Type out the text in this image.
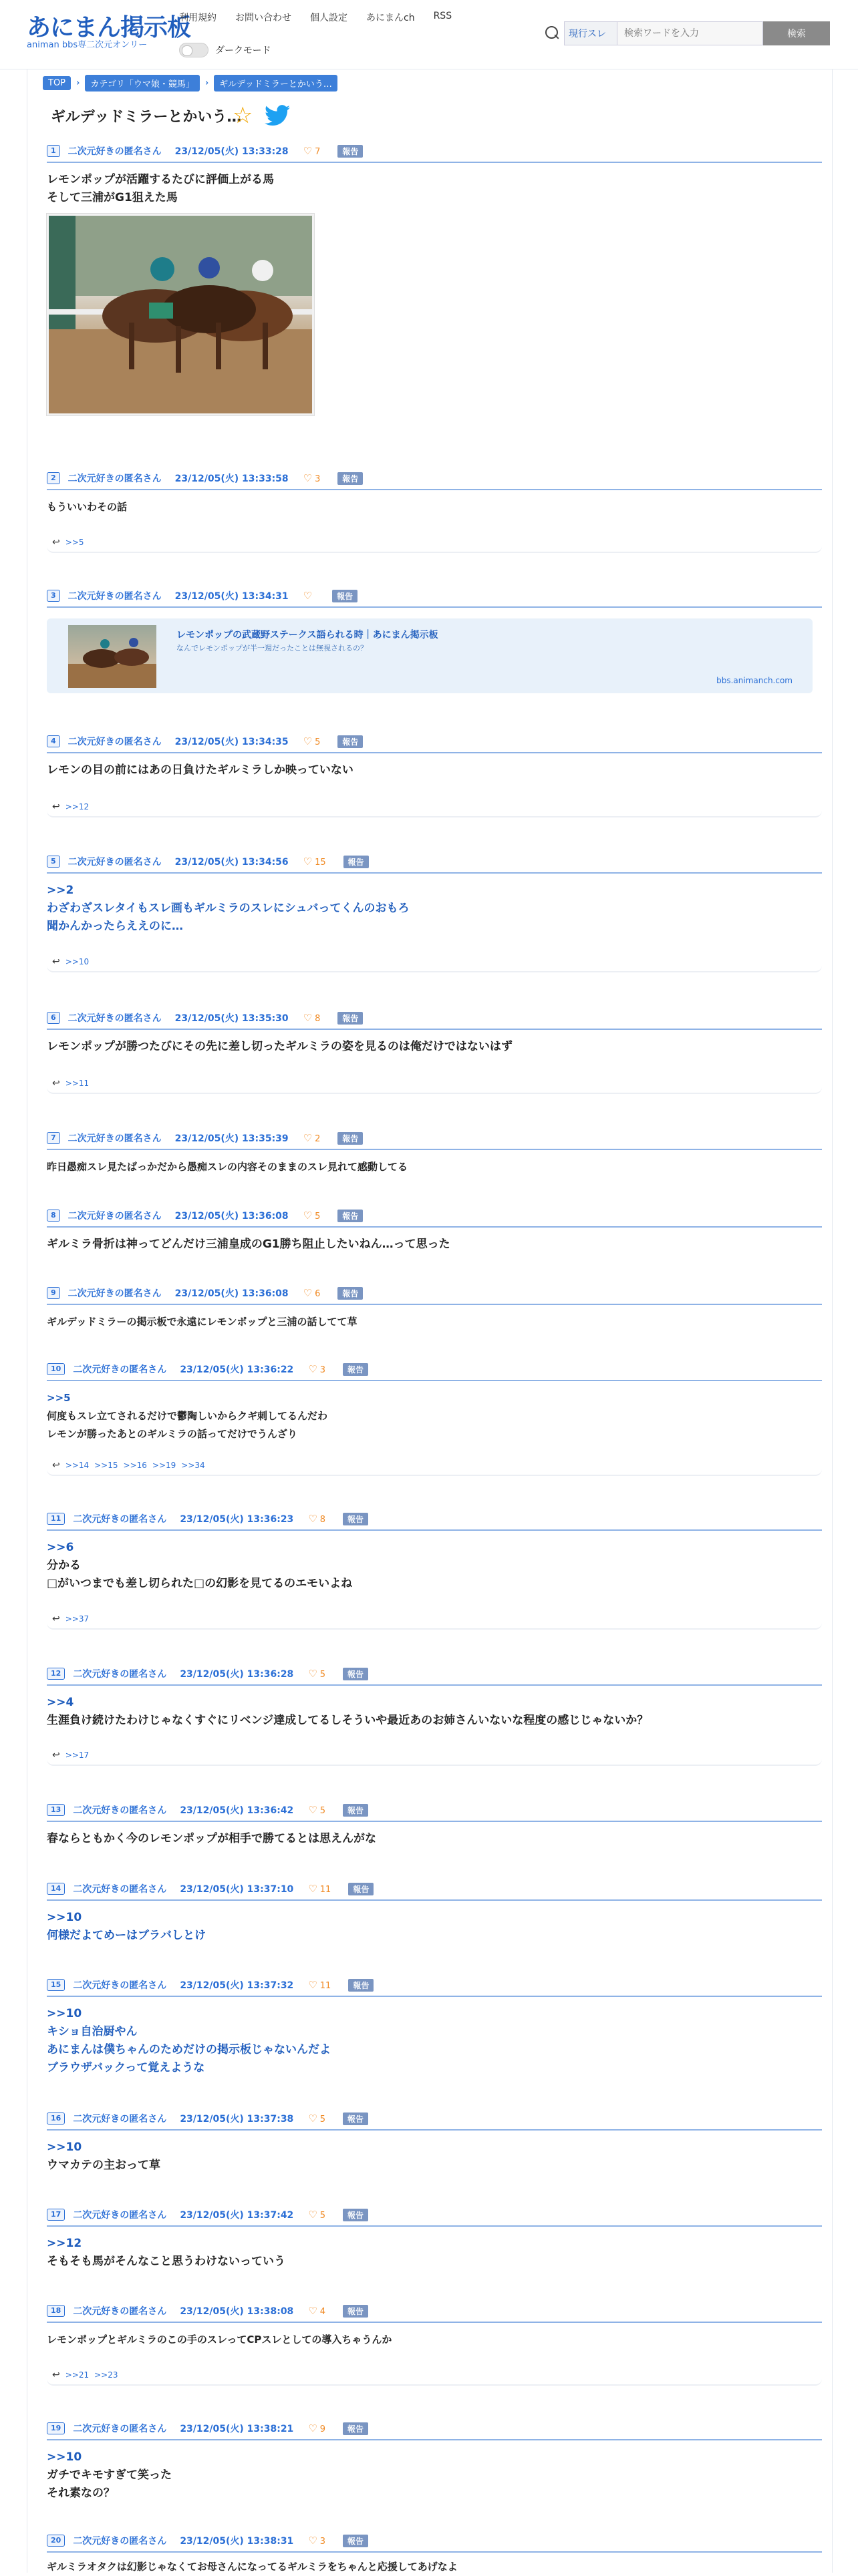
あにまん掲示板
animan bbs専二次元オンリー
利用規約 お問い合わせ 個人設定 あにまんch RSS
ダークモード
現行スレ
検索ワードを入力	検索
TOP	›	カテゴリ「ウマ娘・競馬」	›	ギルデッドミラーとかいう…
ギルデッドミラーとかいう…
☆
1	二次元好きの匿名さん 23/12/05(火) 13:33:28 ♡ 7	報告
レモンポップが活躍するたびに評価上がる馬
そして三浦がG1狙えた馬
2	二次元好きの匿名さん 23/12/05(火) 13:33:58 ♡ 3	報告
もういいわその話
↩ >>5
3	二次元好きの匿名さん 23/12/05(火) 13:34:31 ♡	報告
レモンポップの武蔵野ステークス語られる時｜あにまん掲示板
なんでレモンポップが半一週だったことは無視されるの？
bbs.animanch.com
4	二次元好きの匿名さん 23/12/05(火) 13:34:35 ♡ 5	報告
レモンの目の前にはあの日負けたギルミラしか映っていない
↩ >>12
5	二次元好きの匿名さん 23/12/05(火) 13:34:56 ♡ 15	報告
>>2
わざわざスレタイもスレ画もギルミラのスレにシュバってくんのおもろ
聞かんかったらええのに…
↩ >>10
6	二次元好きの匿名さん 23/12/05(火) 13:35:30 ♡ 8	報告
レモンポップが勝つたびにその先に差し切ったギルミラの姿を見るのは俺だけではないはず
↩ >>11
7	二次元好きの匿名さん 23/12/05(火) 13:35:39 ♡ 2	報告
昨日愚痴スレ見たばっかだから愚痴スレの内容そのままのスレ見れて感動してる
8	二次元好きの匿名さん 23/12/05(火) 13:36:08 ♡ 5	報告
ギルミラ骨折は神ってどんだけ三浦皇成のG1勝ち阻止したいねん…って思った
9	二次元好きの匿名さん 23/12/05(火) 13:36:08 ♡ 6	報告
ギルデッドミラーの掲示板で永遠にレモンポップと三浦の話してて草
10	二次元好きの匿名さん 23/12/05(火) 13:36:22 ♡ 3	報告
>>5
何度もスレ立てされるだけで鬱陶しいからクギ刺してるんだわ
レモンが勝ったあとのギルミラの話ってだけでうんざり
↩ >>14 >>15 >>16 >>19 >>34
11	二次元好きの匿名さん 23/12/05(火) 13:36:23 ♡ 8	報告
>>6
分かる
□がいつまでも差し切られた□の幻影を見てるのエモいよね
↩ >>37
12	二次元好きの匿名さん 23/12/05(火) 13:36:28 ♡ 5	報告
>>4
生涯負け続けたわけじゃなくすぐにリベンジ達成してるしそういや最近あのお姉さんいないな程度の感じじゃないか？
↩ >>17
13	二次元好きの匿名さん 23/12/05(火) 13:36:42 ♡ 5	報告
春ならともかく今のレモンポップが相手で勝てるとは思えんがな
14	二次元好きの匿名さん 23/12/05(火) 13:37:10 ♡ 11	報告
>>10
何様だよてめーはブラバしとけ
15	二次元好きの匿名さん 23/12/05(火) 13:37:32 ♡ 11	報告
>>10
キショ自治厨やん
あにまんは僕ちゃんのためだけの掲示板じゃないんだよ
ブラウザバックって覚えような
16	二次元好きの匿名さん 23/12/05(火) 13:37:38 ♡ 5	報告
>>10
ウマカテの主おって草
17	二次元好きの匿名さん 23/12/05(火) 13:37:42 ♡ 5	報告
>>12
そもそも馬がそんなこと思うわけないっていう
18	二次元好きの匿名さん 23/12/05(火) 13:38:08 ♡ 4	報告
レモンポップとギルミラのこの手のスレってCPスレとしての導入ちゃうんか
↩ >>21 >>23
19	二次元好きの匿名さん 23/12/05(火) 13:38:21 ♡ 9	報告
>>10
ガチでキモすぎて笑った
それ素なの？
20	二次元好きの匿名さん 23/12/05(火) 13:38:31 ♡ 3	報告
ギルミラオタクは幻影じゃなくてお母さんになってるギルミラをちゃんと応援してあげなよ
